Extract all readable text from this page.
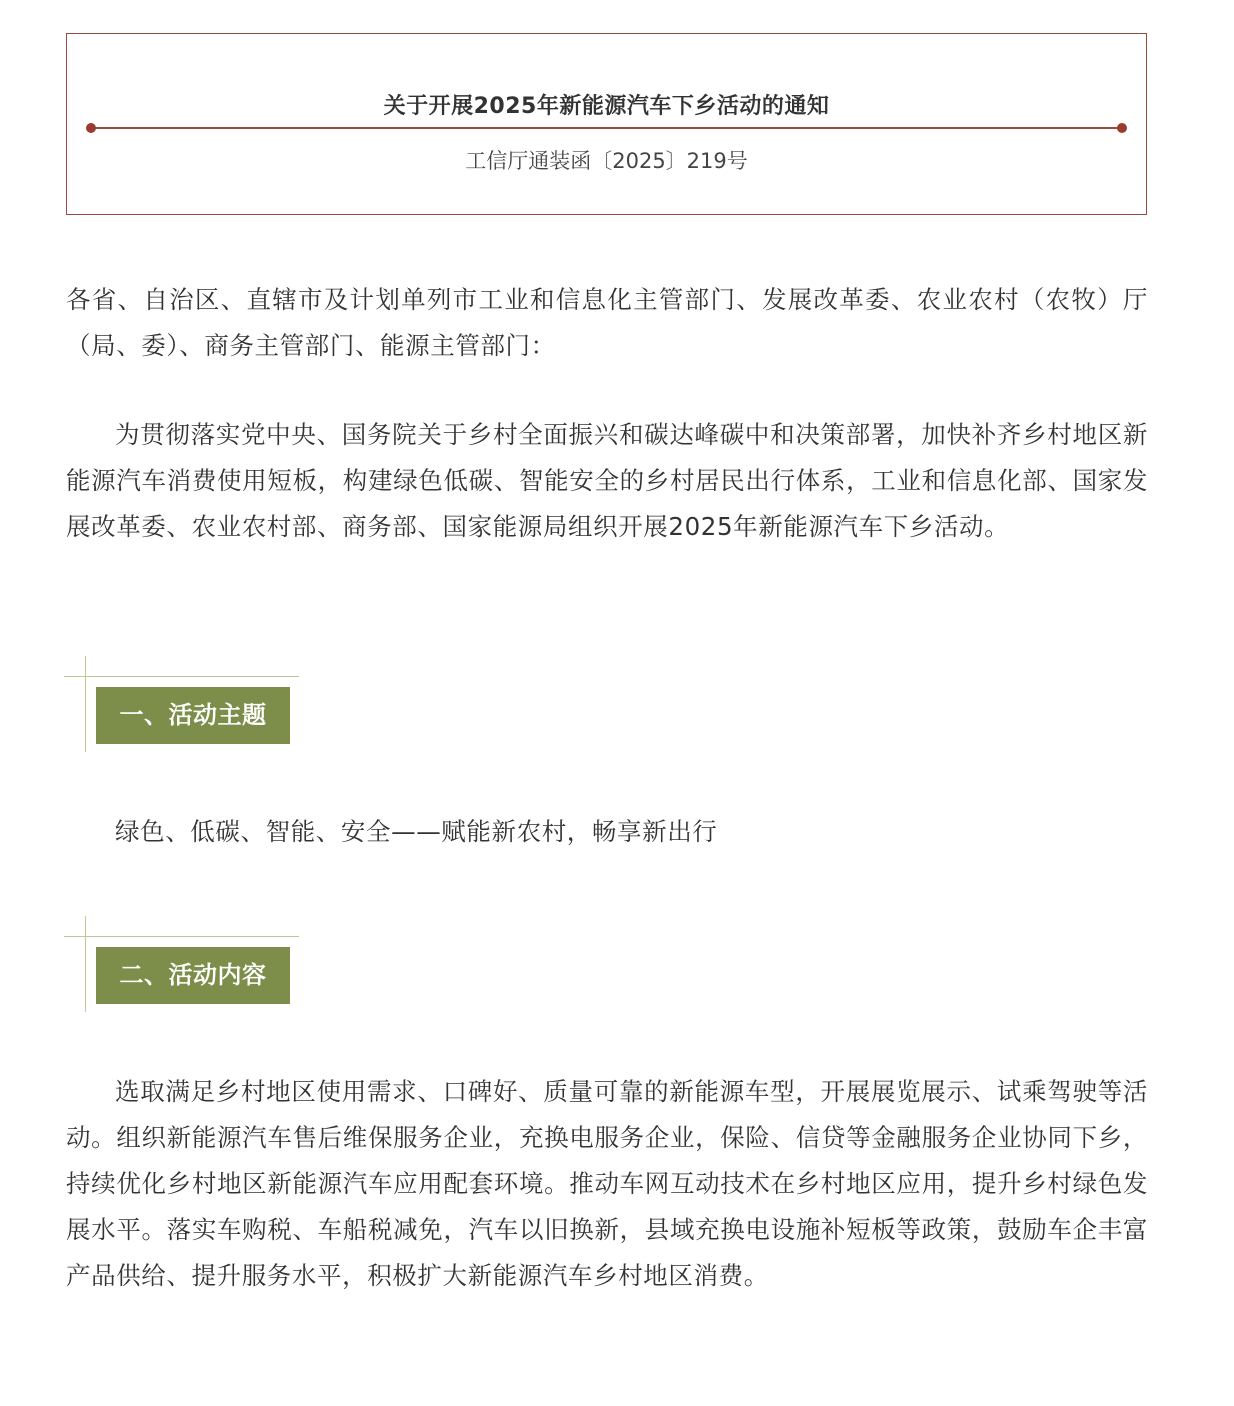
关于开展2025年新能源汽车下乡活动的通知
工信厅通装函〔2025〕219号

各省、自治区、直辖市及计划单列市工业和信息化主管部门、发展改革委、农业农村（农牧）厅（局、委）、商务主管部门、能源主管部门：

为贯彻落实党中央、国务院关于乡村全面振兴和碳达峰碳中和决策部署，加快补齐乡村地区新能源汽车消费使用短板，构建绿色低碳、智能安全的乡村居民出行体系，工业和信息化部、国家发展改革委、农业农村部、商务部、国家能源局组织开展2025年新能源汽车下乡活动。

一、活动主题

绿色、低碳、智能、安全——赋能新农村，畅享新出行

二、活动内容

选取满足乡村地区使用需求、口碑好、质量可靠的新能源车型，开展展览展示、试乘驾驶等活动。组织新能源汽车售后维保服务企业，充换电服务企业，保险、信贷等金融服务企业协同下乡，持续优化乡村地区新能源汽车应用配套环境。推动车网互动技术在乡村地区应用，提升乡村绿色发展水平。落实车购税、车船税减免，汽车以旧换新，县域充换电设施补短板等政策，鼓励车企丰富产品供给、提升服务水平，积极扩大新能源汽车乡村地区消费。
